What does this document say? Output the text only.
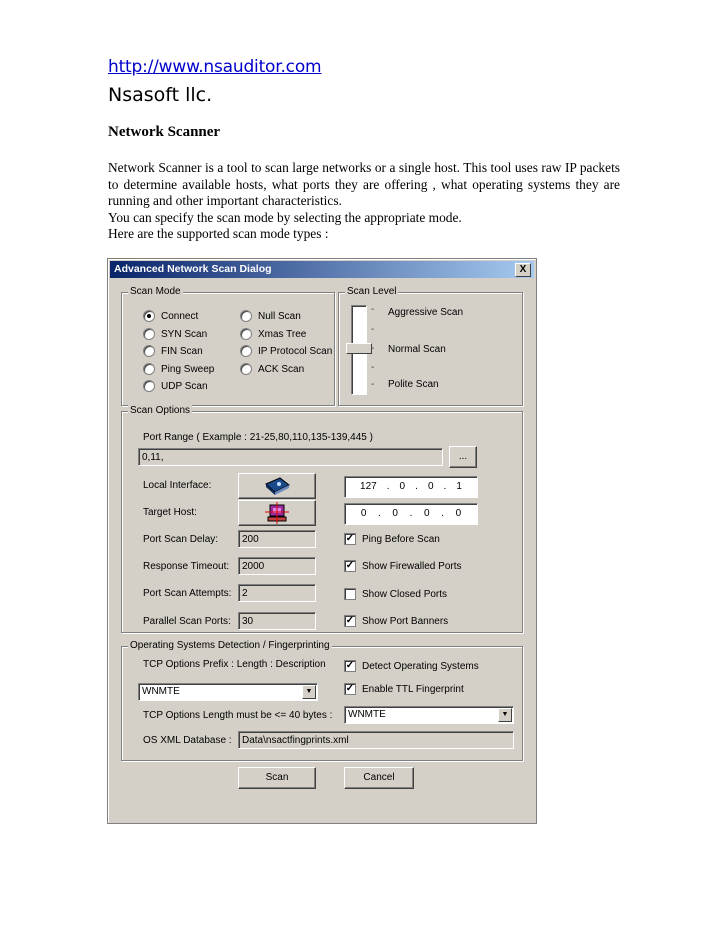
http://www.nsauditor.com
Nsasoft llc.
Network Scanner

Network Scanner is a tool to scan large networks or a single host. This tool uses raw IP packets to determine available hosts, what ports they are offering , what operating systems they are running and other important characteristics.

You can specify the scan mode by selecting the appropriate mode.

Here are the supported scan mode types :

Advanced Network Scan Dialog	X
Scan Mode
Connect
SYN Scan
FIN Scan
Ping Sweep
UDP Scan
Null Scan
Xmas Tree
IP Protocol Scan
ACK Scan
Scan Level
-
-
-
-
-
Aggressive Scan
Normal Scan
Polite Scan
Scan Options
Port Range ( Example : 21-25,80,110,135-139,445 )
0,11,	...
Local Interface:	127 . 0 . 0 . 1
Target Host:	0 . 0 . 0 . 0
Port Scan Delay:	200
Response Timeout:	2000
Port Scan Attempts:	2
Parallel Scan Ports:	30
✓ Ping Before Scan
✓ Show Firewalled Ports
Show Closed Ports
✓ Show Port Banners
Operating Systems Detection / Fingerprinting
TCP Options Prefix : Length : Description
WNMTE	▼
✓ Detect Operating Systems
✓ Enable TTL Fingerprint
TCP Options Length must be <= 40 bytes :	WNMTE	▼
OS XML Database :	Data\nsactfingprints.xml
Scan	Cancel
